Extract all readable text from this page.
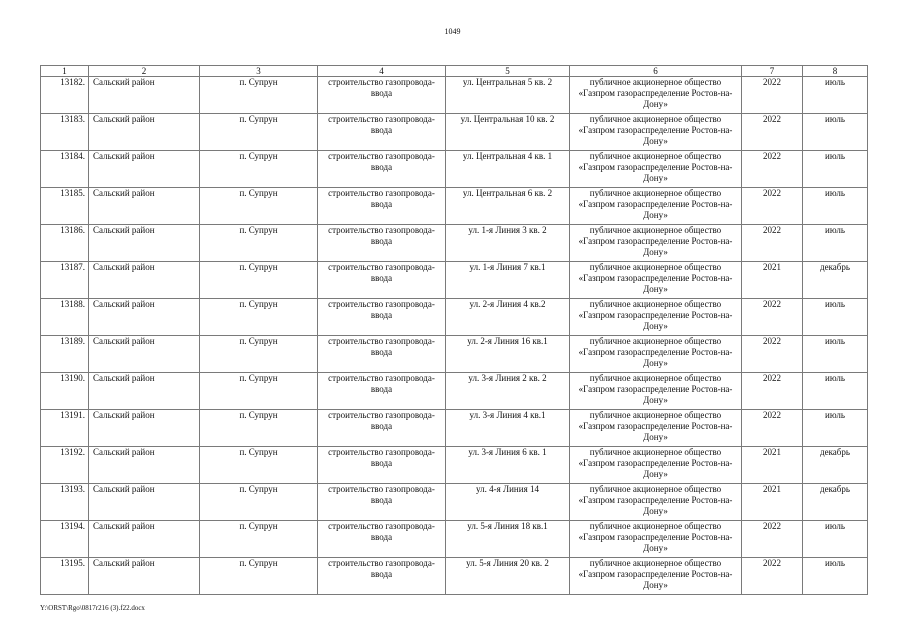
1049
1	2	3	4	5	6	7	8
13182.	Сальский район	п. Супрун	строительство газопровода-ввода	ул. Центральная 5 кв. 2	публичное акционерное общество «Газпром газораспределение Ростов-на-Дону»	2022	июль
13183.	Сальский район	п. Супрун	строительство газопровода-ввода	ул. Центральная 10 кв. 2	публичное акционерное общество «Газпром газораспределение Ростов-на-Дону»	2022	июль
13184.	Сальский район	п. Супрун	строительство газопровода-ввода	ул. Центральная 4 кв. 1	публичное акционерное общество «Газпром газораспределение Ростов-на-Дону»	2022	июль
13185.	Сальский район	п. Супрун	строительство газопровода-ввода	ул. Центральная 6 кв. 2	публичное акционерное общество «Газпром газораспределение Ростов-на-Дону»	2022	июль
13186.	Сальский район	п. Супрун	строительство газопровода-ввода	ул. 1-я Линия 3 кв. 2	публичное акционерное общество «Газпром газораспределение Ростов-на-Дону»	2022	июль
13187.	Сальский район	п. Супрун	строительство газопровода-ввода	ул. 1-я Линия 7 кв.1	публичное акционерное общество «Газпром газораспределение Ростов-на-Дону»	2021	декабрь
13188.	Сальский район	п. Супрун	строительство газопровода-ввода	ул. 2-я Линия 4 кв.2	публичное акционерное общество «Газпром газораспределение Ростов-на-Дону»	2022	июль
13189.	Сальский район	п. Супрун	строительство газопровода-ввода	ул. 2-я Линия 16 кв.1	публичное акционерное общество «Газпром газораспределение Ростов-на-Дону»	2022	июль
13190.	Сальский район	п. Супрун	строительство газопровода-ввода	ул. 3-я Линия 2 кв. 2	публичное акционерное общество «Газпром газораспределение Ростов-на-Дону»	2022	июль
13191.	Сальский район	п. Супрун	строительство газопровода-ввода	ул. 3-я Линия 4 кв.1	публичное акционерное общество «Газпром газораспределение Ростов-на-Дону»	2022	июль
13192.	Сальский район	п. Супрун	строительство газопровода-ввода	ул. 3-я Линия 6 кв. 1	публичное акционерное общество «Газпром газораспределение Ростов-на-Дону»	2021	декабрь
13193.	Сальский район	п. Супрун	строительство газопровода-ввода	ул. 4-я Линия 14	публичное акционерное общество «Газпром газораспределение Ростов-на-Дону»	2021	декабрь
13194.	Сальский район	п. Супрун	строительство газопровода-ввода	ул. 5-я Линия 18 кв.1	публичное акционерное общество «Газпром газораспределение Ростов-на-Дону»	2022	июль
13195.	Сальский район	п. Супрун	строительство газопровода-ввода	ул. 5-я Линия 20 кв. 2	публичное акционерное общество «Газпром газораспределение Ростов-на-Дону»	2022	июль
Y:\ORST\Rgo\0817r216 (3).f22.docx
